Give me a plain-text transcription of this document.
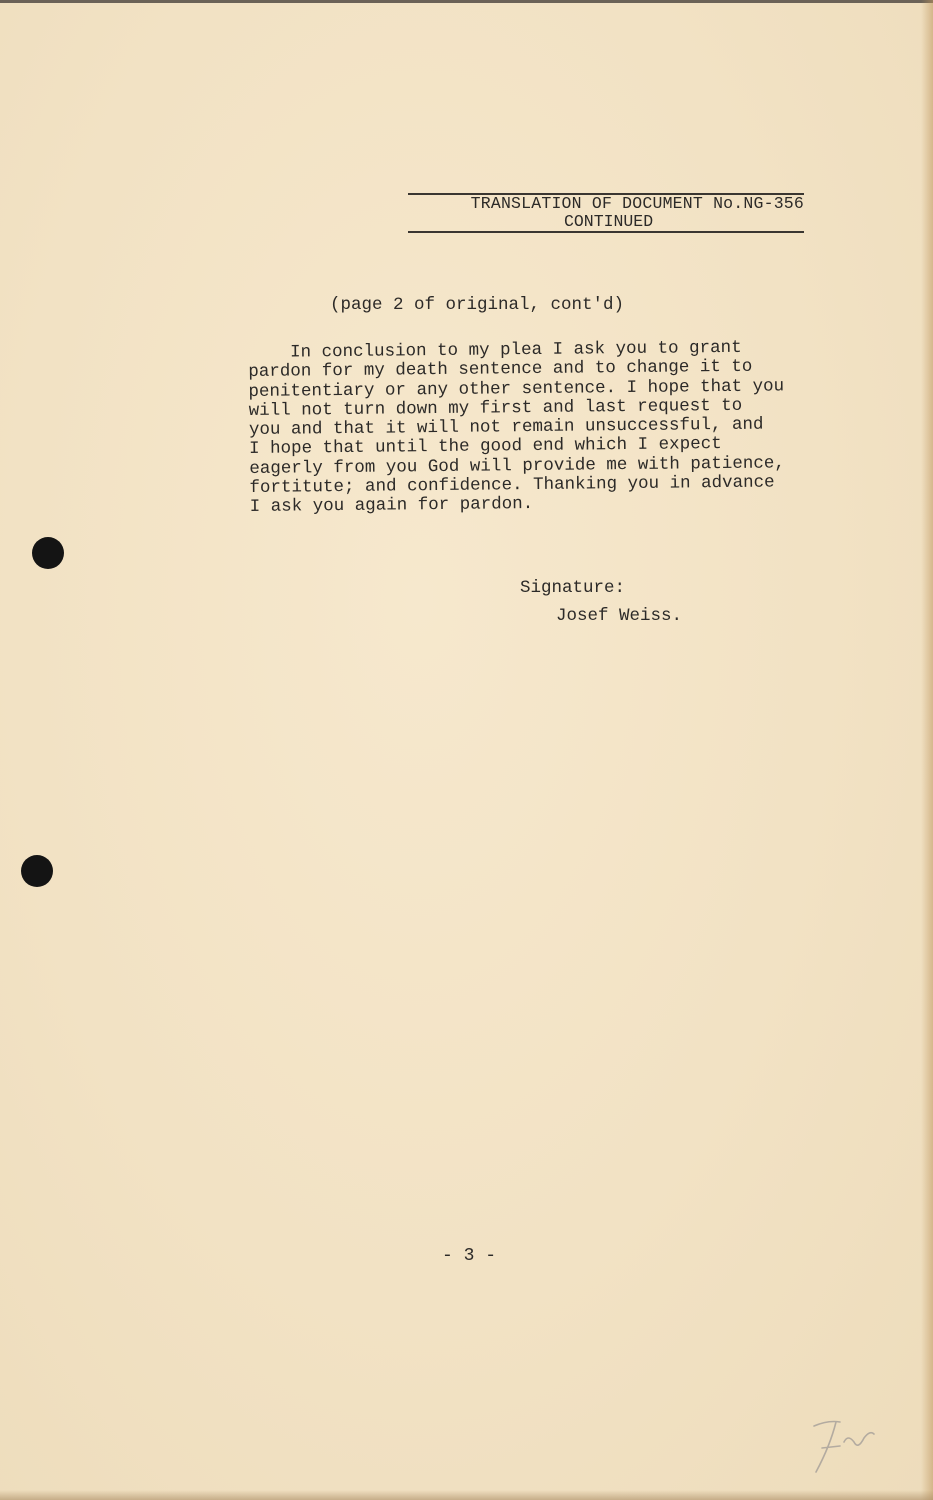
TRANSLATION OF DOCUMENT No.NG-356
CONTINUED
(page 2 of original, cont'd)
In conclusion to my plea I ask you to grant
pardon for my death sentence and to change it to
penitentiary or any other sentence. I hope that you
will not turn down my first and last request to
you and that it will not remain unsuccessful, and
I hope that until the good end which I expect
eagerly from you God will provide me with patience,
fortitute; and confidence. Thanking you in advance
I ask you again for pardon.
Signature:
Josef Weiss.
- 3 -
